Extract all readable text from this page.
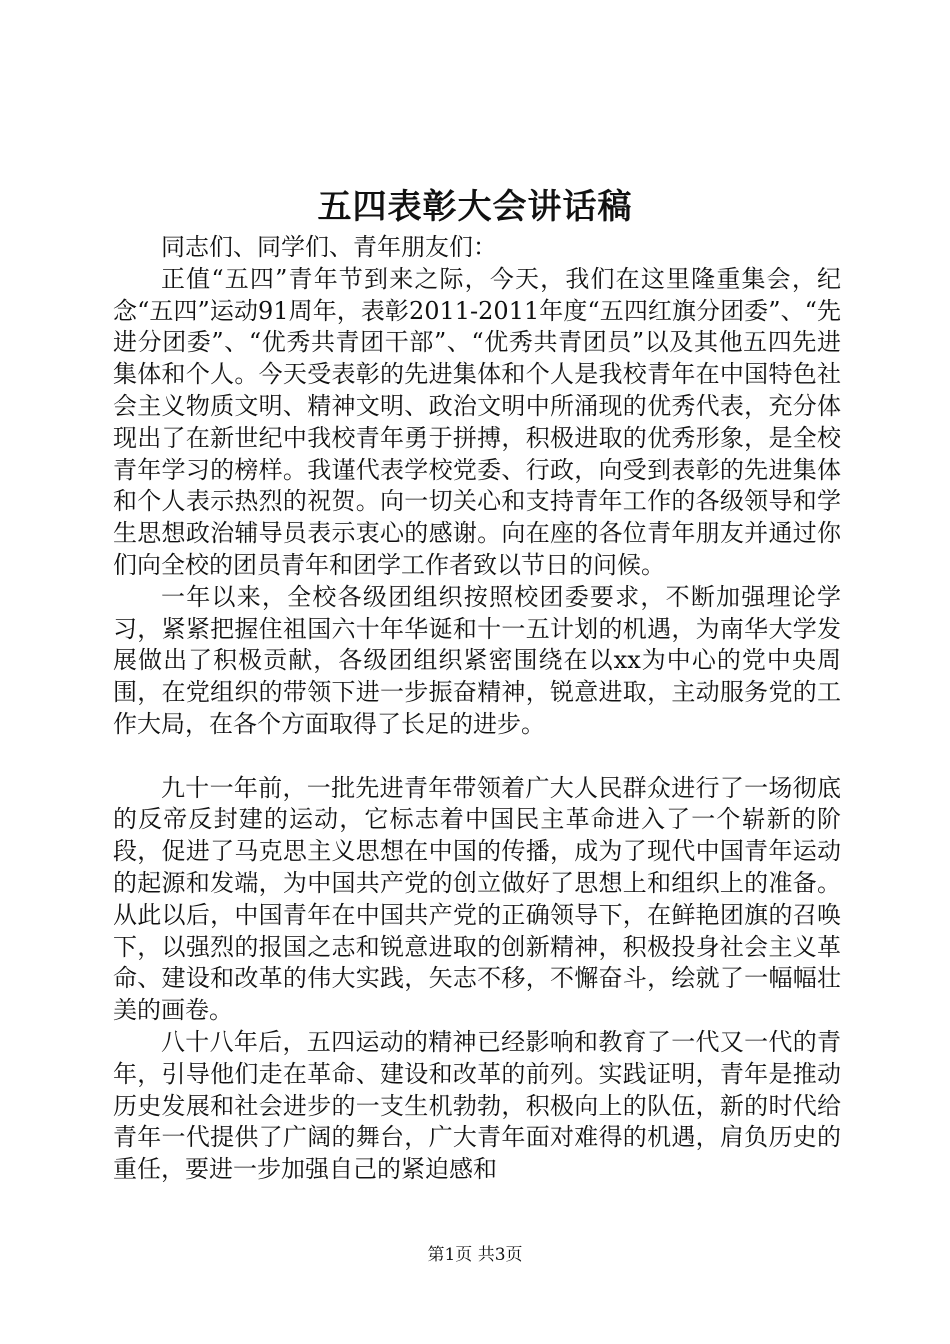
五四表彰大会讲话稿

同志们、同学们、青年朋友们：

正值“五四”青年节到来之际，今天，我们在这里隆重集会，纪念“五四”运动91周年，表彰2011-2011年度“五四红旗分团委”、“先进分团委”、“优秀共青团干部”、“优秀共青团员”以及其他五四先进集体和个人。今天受表彰的先进集体和个人是我校青年在中国特色社会主义物质文明、精神文明、政治文明中所涌现的优秀代表，充分体现出了在新世纪中我校青年勇于拼搏，积极进取的优秀形象，是全校青年学习的榜样。我谨代表学校党委、行政，向受到表彰的先进集体和个人表示热烈的祝贺。向一切关心和支持青年工作的各级领导和学生思想政治辅导员表示衷心的感谢。向在座的各位青年朋友并通过你们向全校的团员青年和团学工作者致以节日的问候。

一年以来，全校各级团组织按照校团委要求，不断加强理论学习，紧紧把握住祖国六十年华诞和十一五计划的机遇，为南华大学发展做出了积极贡献，各级团组织紧密围绕在以xx为中心的党中央周围，在党组织的带领下进一步振奋精神，锐意进取，主动服务党的工作大局，在各个方面取得了长足的进步。

九十一年前，一批先进青年带领着广大人民群众进行了一场彻底的反帝反封建的运动，它标志着中国民主革命进入了一个崭新的阶段，促进了马克思主义思想在中国的传播，成为了现代中国青年运动的起源和发端，为中国共产党的创立做好了思想上和组织上的准备。从此以后，中国青年在中国共产党的正确领导下，在鲜艳团旗的召唤下，以强烈的报国之志和锐意进取的创新精神，积极投身社会主义革命、建设和改革的伟大实践，矢志不移，不懈奋斗，绘就了一幅幅壮美的画卷。

八十八年后，五四运动的精神已经影响和教育了一代又一代的青年，引导他们走在革命、建设和改革的前列。实践证明，青年是推动历史发展和社会进步的一支生机勃勃，积极向上的队伍，新的时代给青年一代提供了广阔的舞台，广大青年面对难得的机遇，肩负历史的重任，要进一步加强自己的紧迫感和

第1页 共3页
